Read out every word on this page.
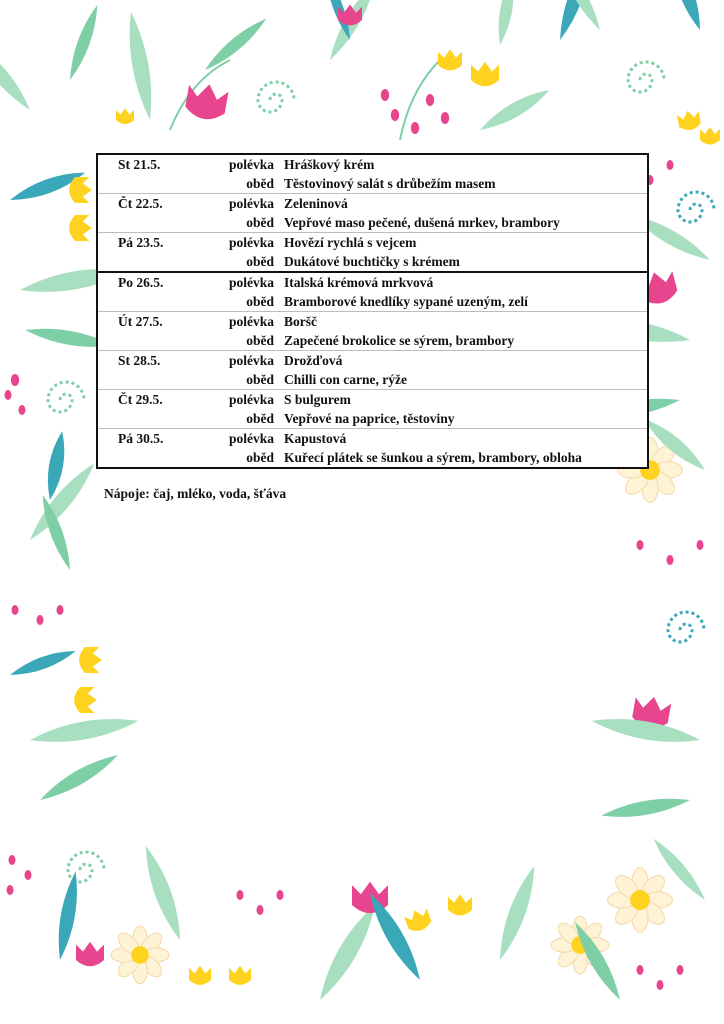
St 21.5.	polévka Hráškový krém
oběd Těstovinový salát s drůbežím masem
Čt 22.5.	polévka Zeleninová
oběd Vepřové maso pečené, dušená mrkev, brambory
Pá 23.5.	polévka Hovězí rychlá s vejcem
oběd Dukátové buchtičky s krémem
Po 26.5.	polévka Italská krémová mrkvová
oběd Bramborové knedlíky sypané uzeným, zelí
Út 27.5.	polévka Boršč
oběd Zapečené brokolice se sýrem, brambory
St 28.5.	polévka Drožďová
oběd Chilli con carne, rýže
Čt 29.5.	polévka S bulgurem
oběd Vepřové na paprice, těstoviny
Pá 30.5.	polévka Kapustová
oběd Kuřecí plátek se šunkou a sýrem, brambory, obloha
Nápoje: čaj, mléko, voda, šťáva
